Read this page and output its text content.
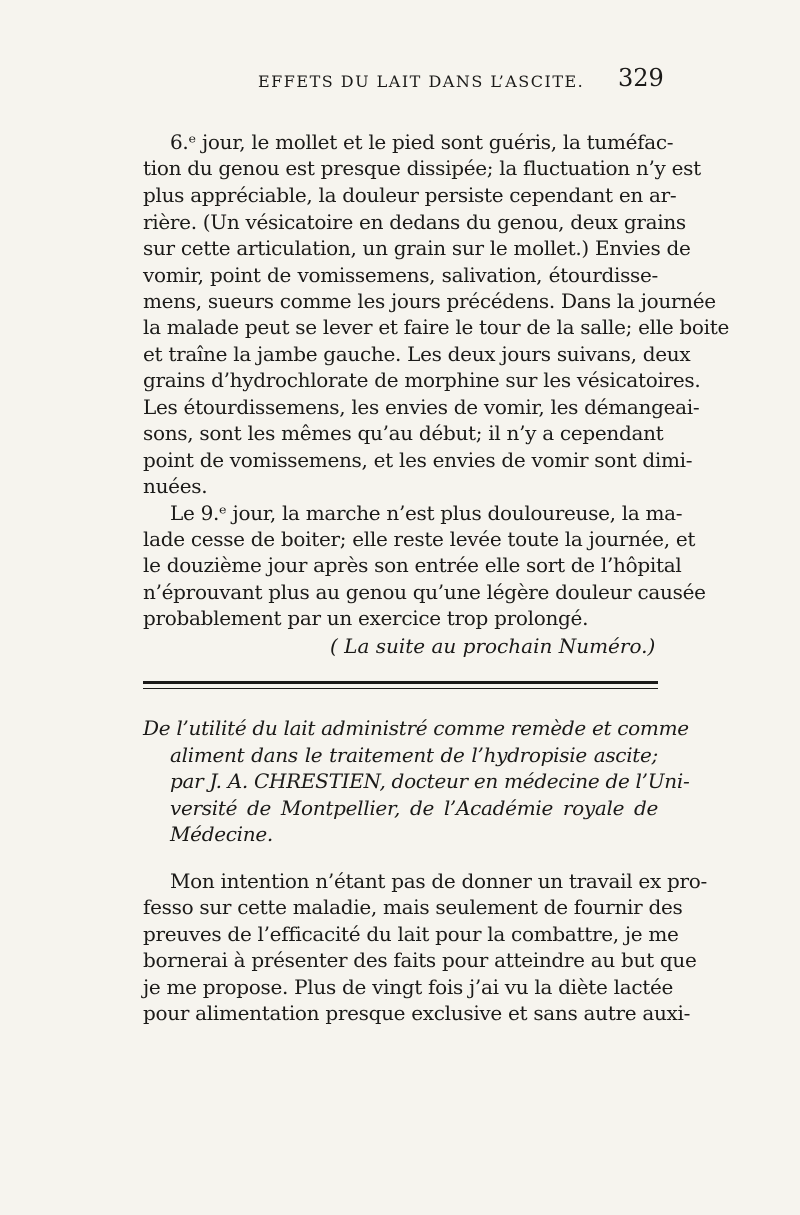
EFFETS DU LAIT DANS L’ASCITE. 329
6.ᵉ jour, le mollet et le pied sont guéris, la tuméfac-
tion du genou est presque dissipée; la fluctuation n’y est
plus appréciable, la douleur persiste cependant en ar-
rière. (Un vésicatoire en dedans du genou, deux grains
sur cette articulation, un grain sur le mollet.) Envies de
vomir, point de vomissemens, salivation, étourdisse-
mens, sueurs comme les jours précédens. Dans la journée
la malade peut se lever et faire le tour de la salle; elle boite
et traîne la jambe gauche. Les deux jours suivans, deux
grains d’hydrochlorate de morphine sur les vésicatoires.
Les étourdissemens, les envies de vomir, les démangeai-
sons, sont les mêmes qu’au début; il n’y a cependant
point de vomissemens, et les envies de vomir sont dimi-
nuées.
Le 9.ᵉ jour, la marche n’est plus douloureuse, la ma-
lade cesse de boiter; elle reste levée toute la journée, et
le douzième jour après son entrée elle sort de l’hôpital
n’éprouvant plus au genou qu’une légère douleur causée
probablement par un exercice trop prolongé.
( La suite au prochain Numéro.)
De l’utilité du lait administré comme remède et comme
aliment dans le traitement de l’hydropisie ascite;
par J. A. CHRESTIEN, docteur en médecine de l’Uni-
versité de Montpellier, de l’Académie royale de
Médecine.
Mon intention n’étant pas de donner un travail ex pro-
fesso sur cette maladie, mais seulement de fournir des
preuves de l’efficacité du lait pour la combattre, je me
bornerai à présenter des faits pour atteindre au but que
je me propose. Plus de vingt fois j’ai vu la diète lactée
pour alimentation presque exclusive et sans autre auxi-
